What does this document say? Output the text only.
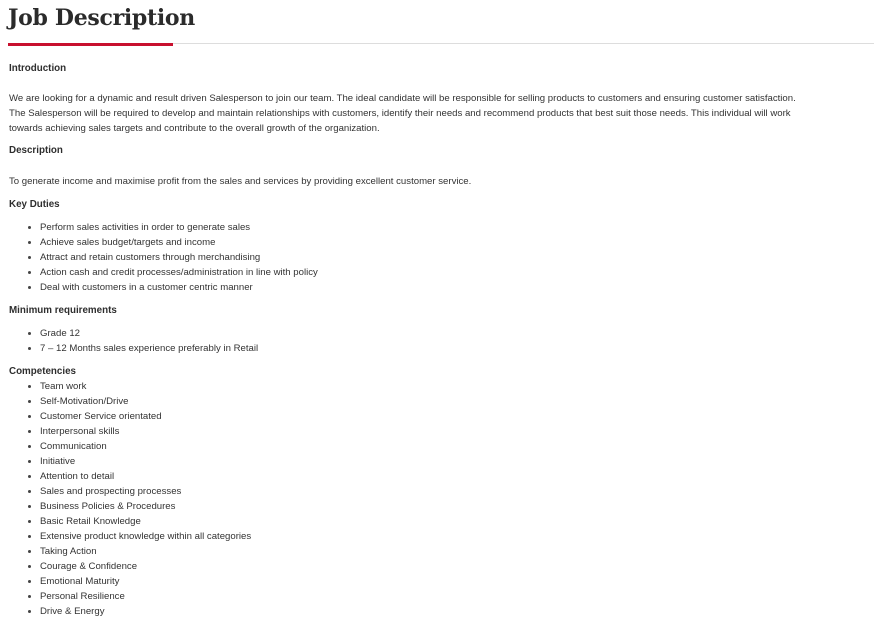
Job Description

Introduction

We are looking for a dynamic and result driven Salesperson to join our team. The ideal candidate will be responsible for selling products to customers and ensuring customer satisfaction.
The Salesperson will be required to develop and maintain relationships with customers, identify their needs and recommend products that best suit those needs. This individual will work
towards achieving sales targets and contribute to the overall growth of the organization.

Description

To generate income and maximise profit from the sales and services by providing excellent customer service.

Key Duties

Perform sales activities in order to generate sales
Achieve sales budget/targets and income
Attract and retain customers through merchandising
Action cash and credit processes/administration in line with policy
Deal with customers in a customer centric manner

Minimum requirements

Grade 12
7 – 12 Months sales experience preferably in Retail

Competencies

Team work
Self-Motivation/Drive
Customer Service orientated
Interpersonal skills
Communication
Initiative
Attention to detail
Sales and prospecting processes
Business Policies & Procedures
Basic Retail Knowledge
Extensive product knowledge within all categories
Taking Action
Courage & Confidence
Emotional Maturity
Personal Resilience
Drive & Energy
